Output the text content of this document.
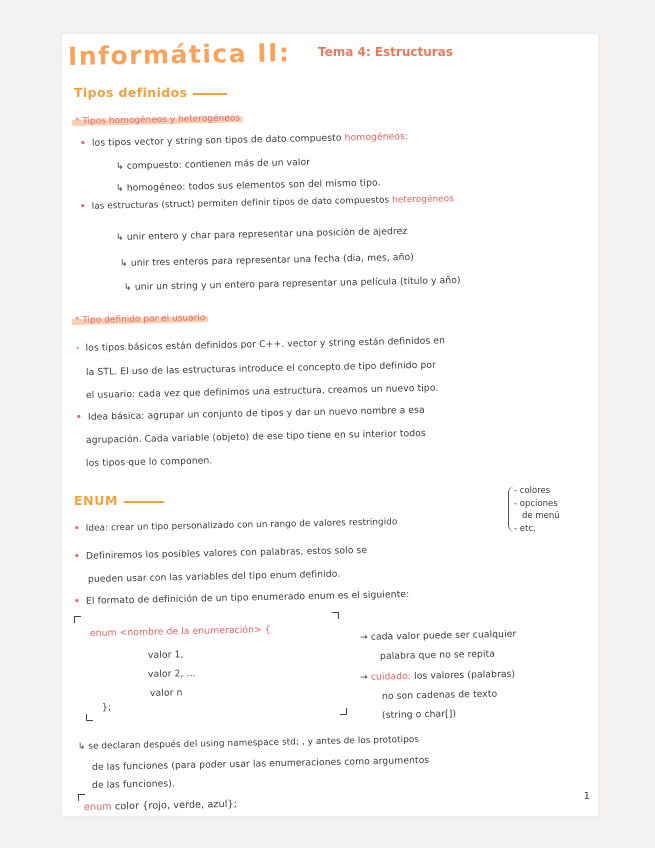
Informática II: Tema 4: Estructuras
Tipos definidos
* Tipos homogéneos y heterogéneos
• los tipos vector y string son tipos de dato compuesto homogéneos:
↳ compuesto: contienen más de un valor
↳ homogéneo: todos sus elementos son del mismo tipo.
• las estructuras (struct) permiten definir tipos de dato compuestos heterogéneos
↳ unir entero y char para representar una posición de ajedrez
↳ unir tres enteros para representar una fecha (dia, mes, año)
↳ unir un string y un entero para representar una película (título y año)
* Tipo definido por el usuario
· los tipos básicos están definidos por C++. vector y string están definidos en
la STL. El uso de las estructuras introduce el concepto de tipo definido por
el usuario: cada vez que definimos una estructura, creamos un nuevo tipo.
• Idea básica: agrupar un conjunto de tipos y dar un nuevo nombre a esa
agrupación. Cada variable (objeto) de ese tipo tiene en su interior todos
los tipos que lo componen.
ENUM
- colores
- opciones
de menú
- etc.
• Idea: crear un tipo personalizado con un rango de valores restringido
• Definiremos los posibles valores con palabras, estos solo se
pueden usar con las variables del tipo enum definido.
• El formato de definición de un tipo enumerado enum es el siguiente:
enum <nombre de la enumeración> {
valor 1,
valor 2, ...
valor n
};
→ cada valor puede ser cualquier
palabra que no se repita
→ cuidado: los valores (palabras)
no son cadenas de texto
(string o char[])
↳ se declaran después del using namespace std; , y antes de los prototipos
de las funciones (para poder usar las enumeraciones como argumentos
de las funciones).
enum color {rojo, verde, azul};
1
